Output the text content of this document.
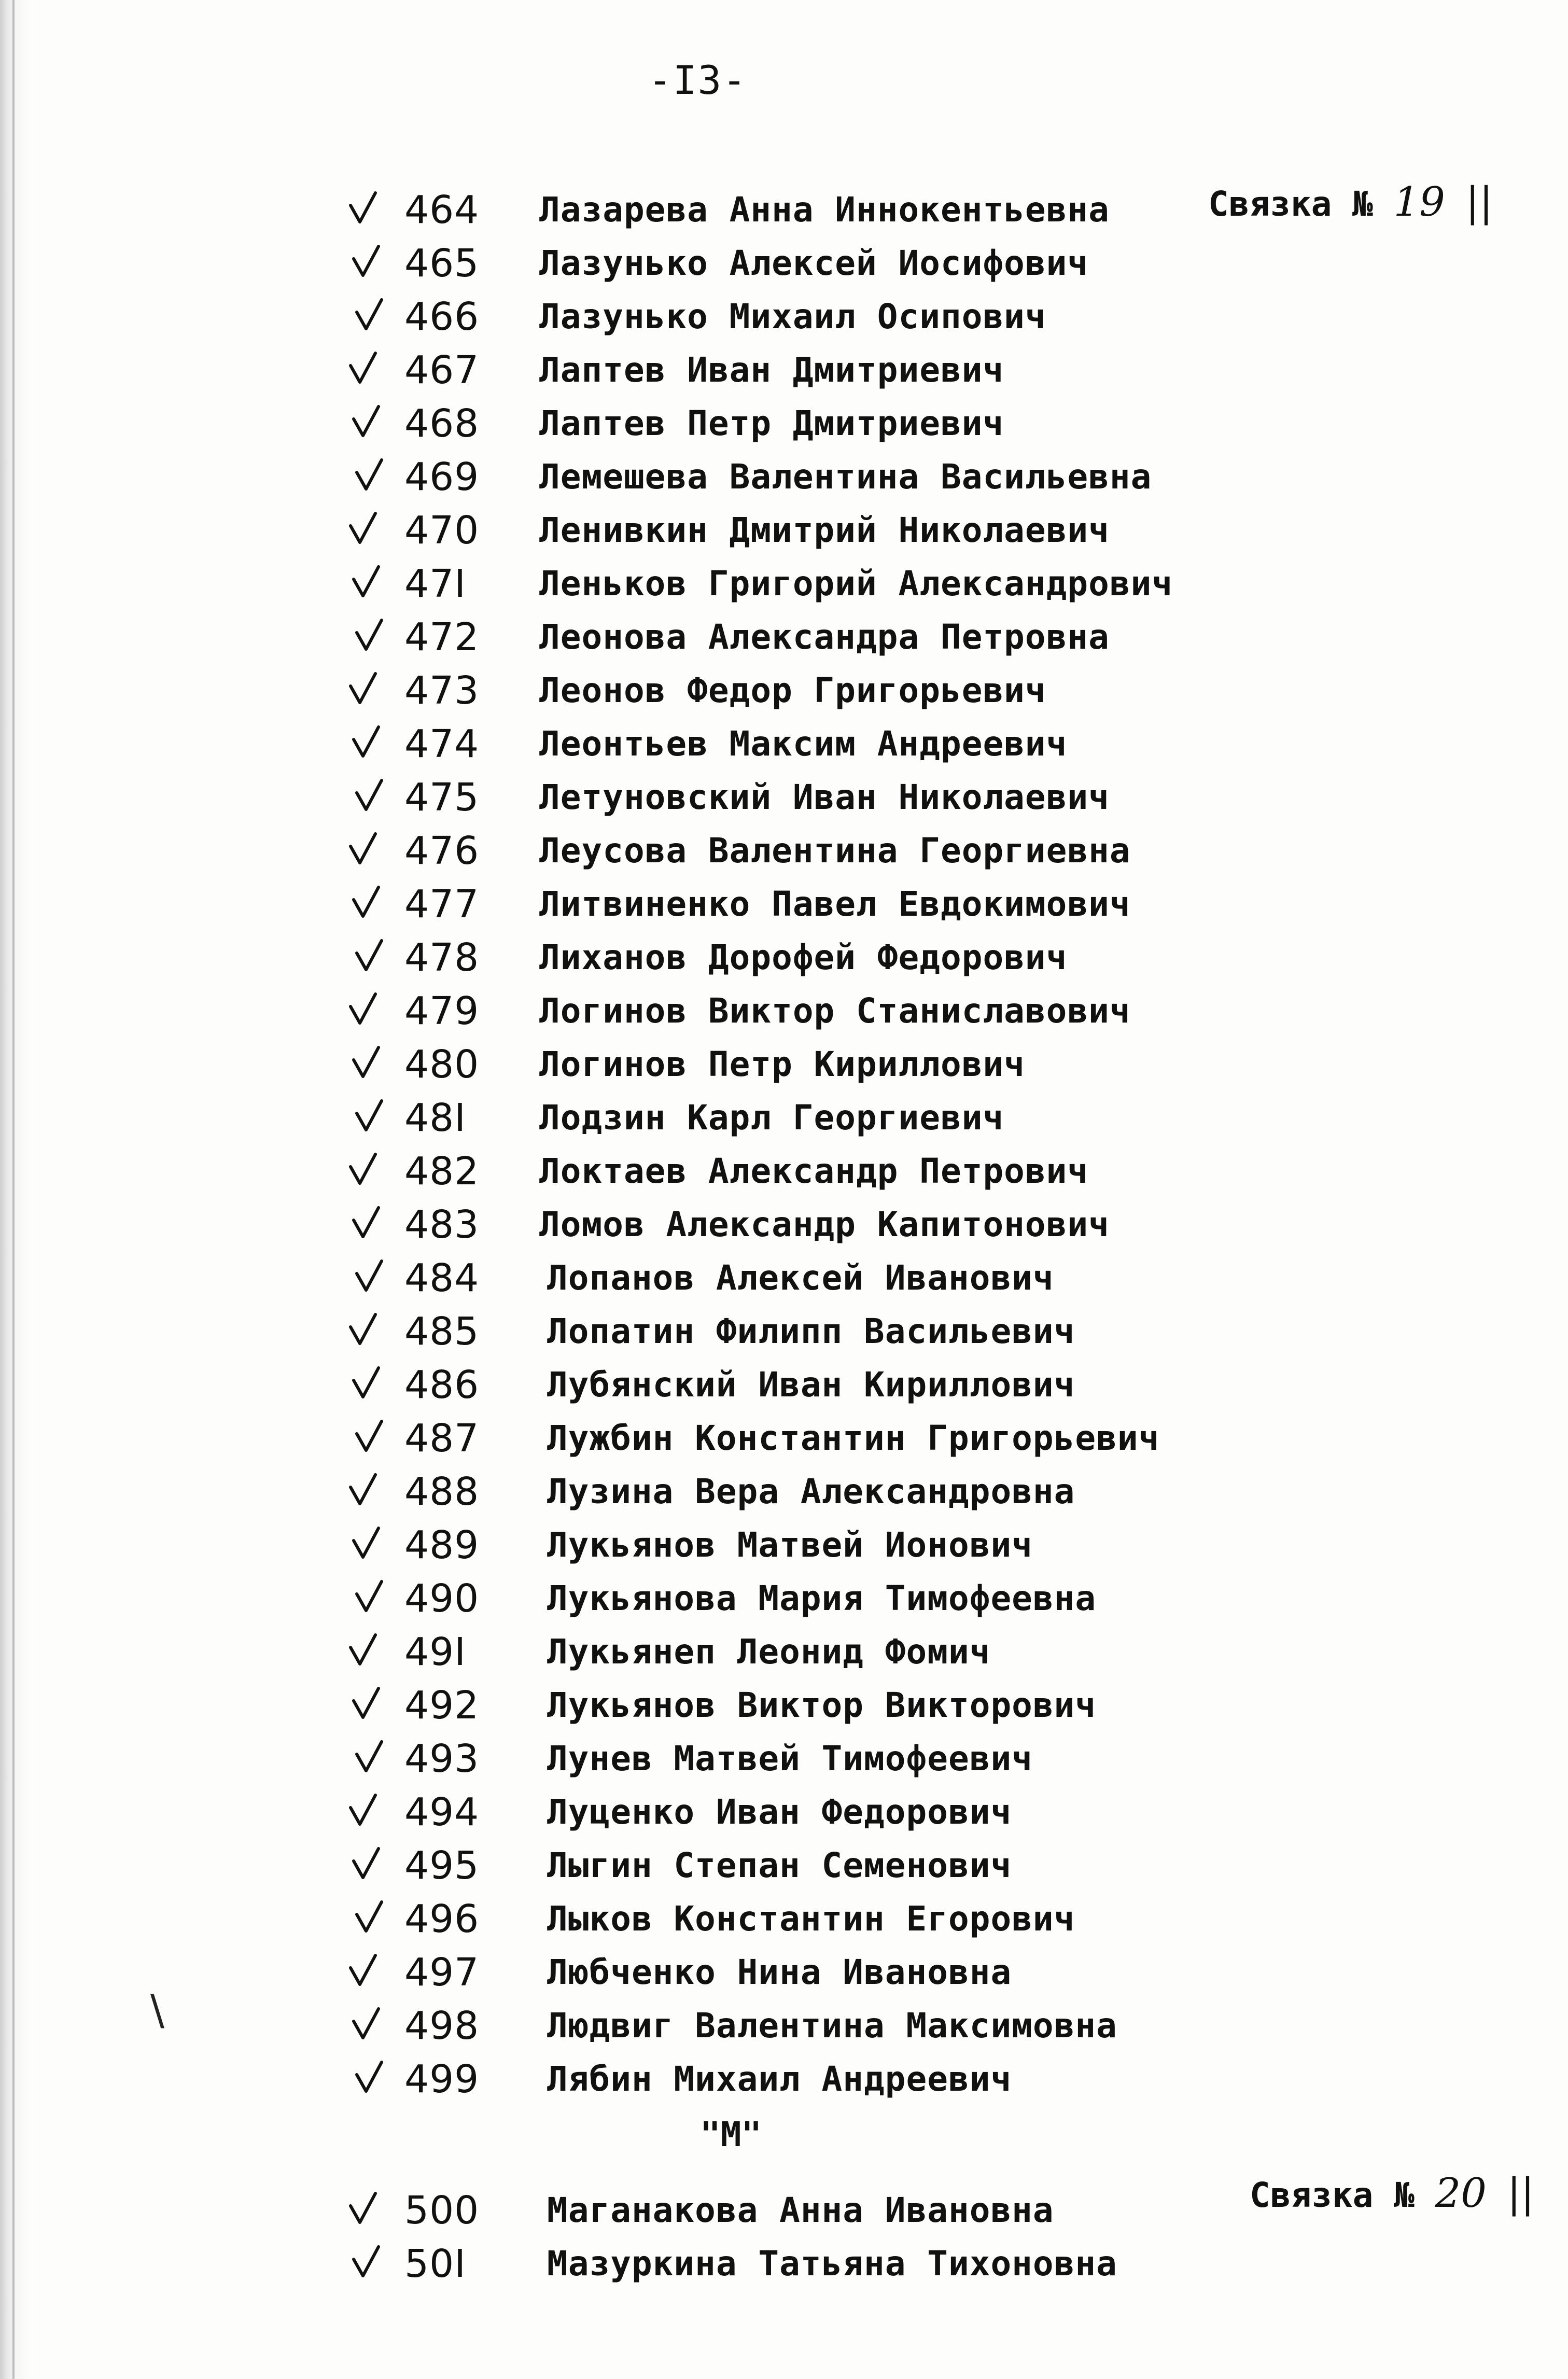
-I3-
464 Лазарева Анна Иннокентьевна
465 Лазунько Алексей Иосифович
466 Лазунько Михаил Осипович
467 Лаптев Иван Дмитриевич
468 Лаптев Петр Дмитриевич
469 Лемешева Валентина Васильевна
470 Ленивкин Дмитрий Николаевич
47I Леньков Григорий Александрович
472 Леонова Александра Петровна
473 Леонов Федор Григорьевич
474 Леонтьев Максим Андреевич
475 Летуновский Иван Николаевич
476 Леусова Валентина Георгиевна
477 Литвиненко Павел Евдокимович
478 Лиханов Дорофей Федорович
479 Логинов Виктор Станиславович
480 Логинов Петр Кириллович
48I Лодзин Карл Георгиевич
482 Локтаев Александр Петрович
483 Ломов Александр Капитонович
484 Лопанов Алексей Иванович
485 Лопатин Филипп Васильевич
486 Лубянский Иван Кириллович
487 Лужбин Константин Григорьевич
488 Лузина Вера Александровна
489 Лукьянов Матвей Ионович
490 Лукьянова Мария Тимофеевна
49I Лукьянеп Леонид Фомич
492 Лукьянов Виктор Викторович
493 Лунев Матвей Тимофеевич
494 Луценко Иван Федорович
495 Лыгин Степан Семенович
496 Лыков Константин Егорович
497 Любченко Нина Ивановна
498 Людвиг Валентина Максимовна
499 Лябин Михаил Андреевич
500 Маганакова Анна Ивановна
50I Мазуркина Татьяна Тихоновна
Связка № 19 ||
"М"
Связка № 20 ||
\
